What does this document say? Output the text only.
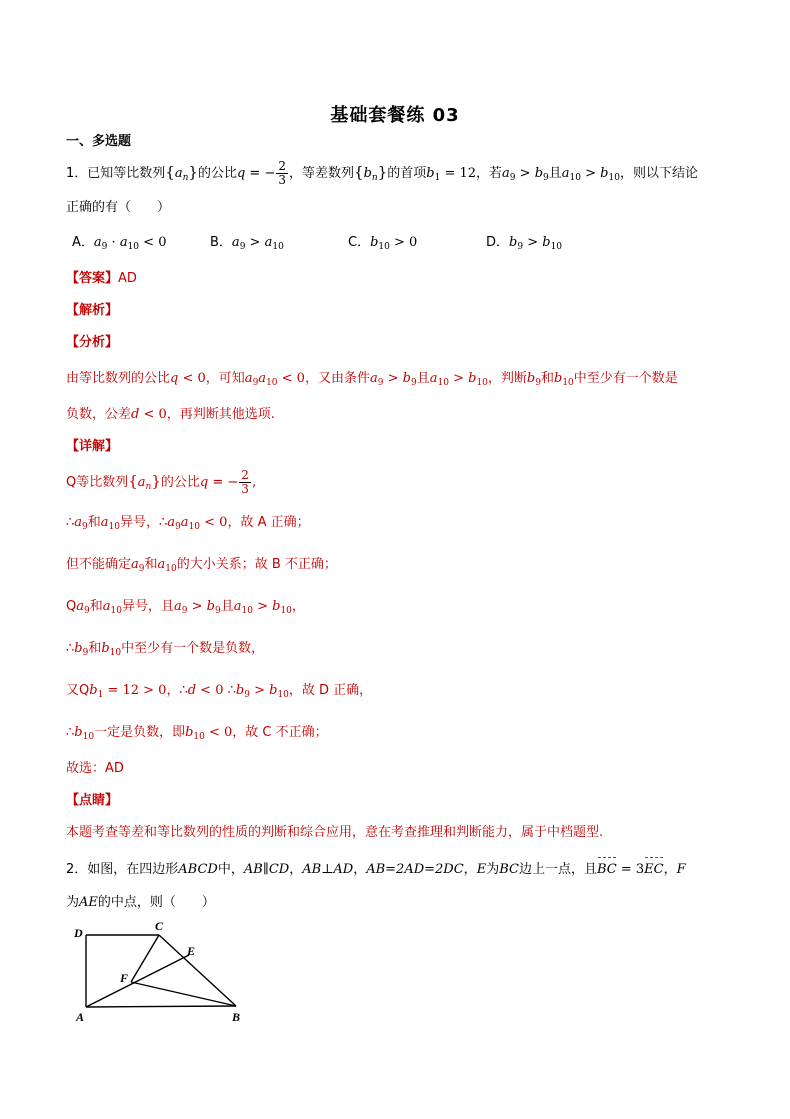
基础套餐练 03
一、多选题
1．已知等比数列$\{a_n\}$的公比q = − $\frac{2}{3}$ ，等差数列$\{b_n\}$的首项$b_1 = 12$，若$a_9 > b_9$且$a_{10} > b_{10}$，则以下结论
正确的有（　　）
A．$a_9 \cdot a_{10} < 0$	B．$a_9 > a_{10}$	C．$b_{10} > 0$	D．$b_9 > b_{10}$
【答案】AD
【解析】
【分析】
由等比数列的公比q < 0，可知$a_9a_{10} < 0$，又由条件$a_9 > b_9$且$a_{10} > b_{10}$，判断$b_9$和$b_{10}$中至少有一个数是
负数，公差d < 0，再判断其他选项.
【详解】
Q等比数列$\{a_n\}$的公比q = − $\frac{2}{3}$ ,
$\therefore a_9$和$a_{10}$异号，$\therefore a_9a_{10} < 0$，故 A 正确；
但不能确定$a_9$和$a_{10}$的大小关系；故 B 不正确；
$Qa_9$和$a_{10}$异号，且$a_9 > b_9$且$a_{10} > b_{10}$，
$\therefore b_9$和$b_{10}$中至少有一个数是负数，
又$Qb_1 = 12 > 0$，∴d < 0 $\therefore b_9 > b_{10}$，故 D 正确，
$\therefore b_{10}$一定是负数，即$b_{10} < 0$，故 C 不正确；
故选：AD
【点睛】
本题考查等差和等比数列的性质的判断和综合应用，意在考查推理和判断能力，属于中档题型.
2．如图，在四边形ABCD中，AB∥CD，AB⊥AD，AB=2AD=2DC，E为BC边上一点，且BC = 3EC，F
为AE的中点，则（　　）
D	C
E
F
A	B
